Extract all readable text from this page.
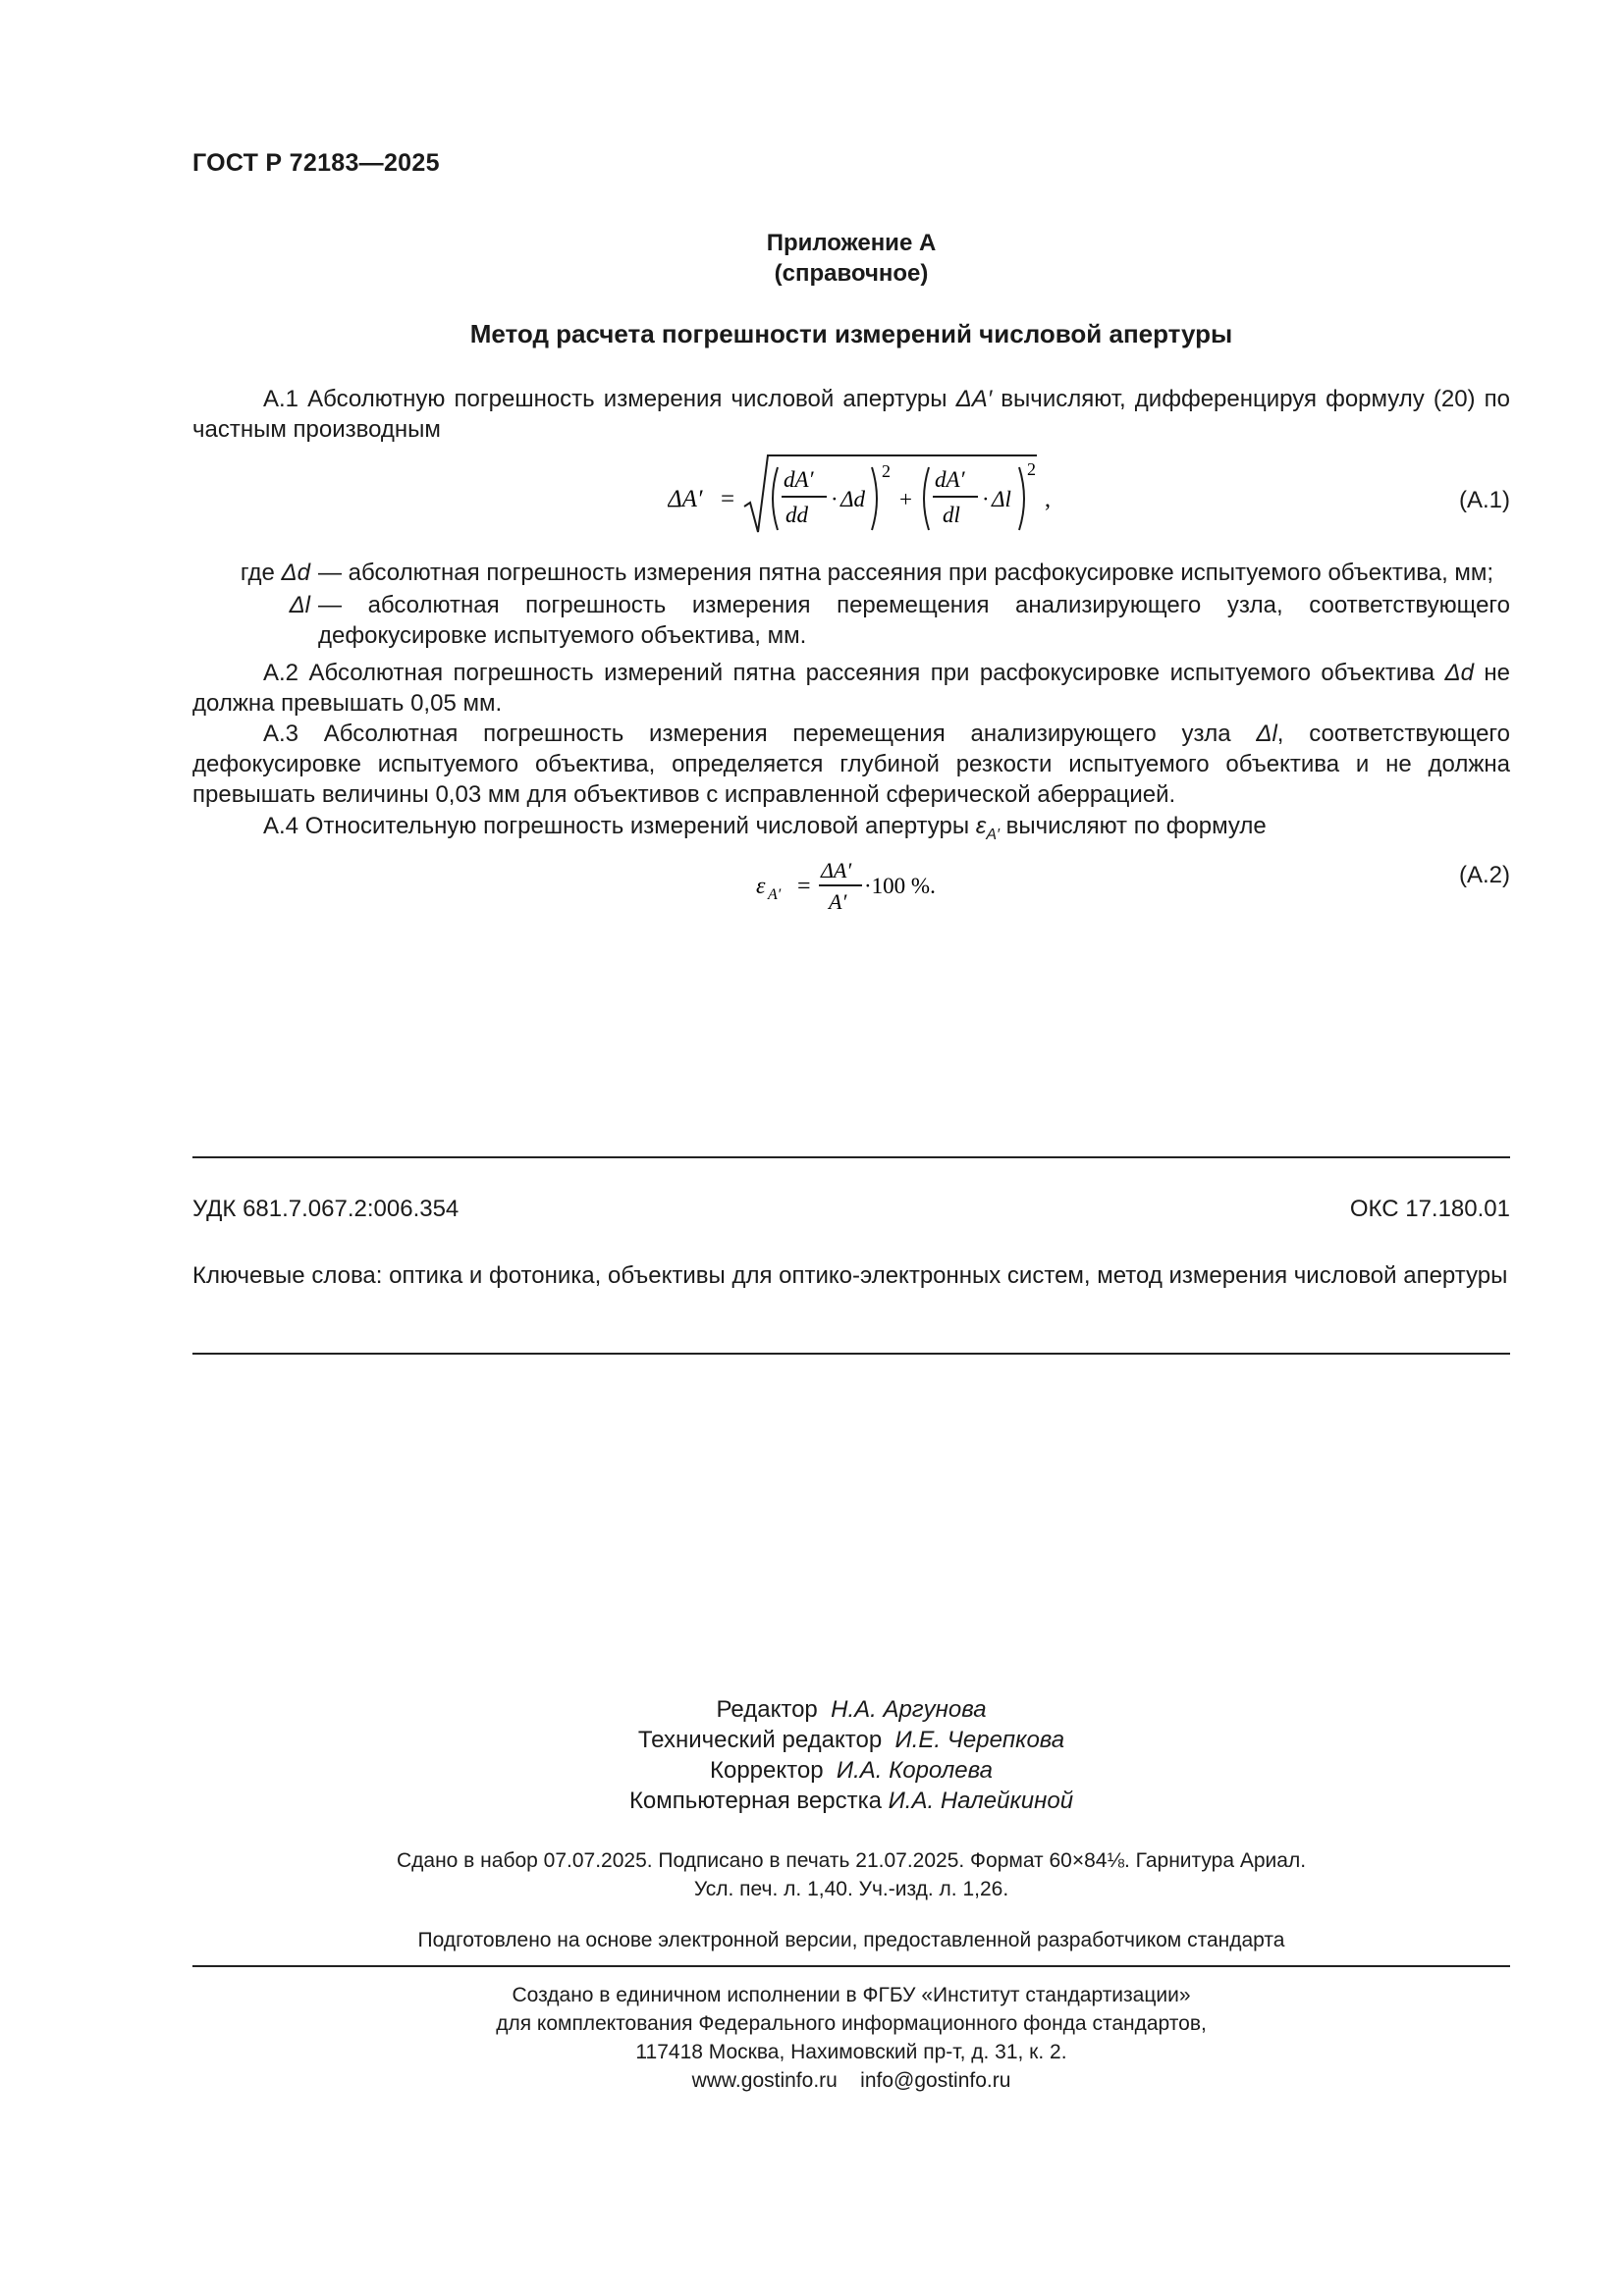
ГОСТ Р 72183—2025
Приложение А
(справочное)
Метод расчета погрешности измерений числовой апертуры
А.1 Абсолютную погрешность измерения числовой апертуры ΔA′ вычисляют, дифференцируя формулу (20) по частным производным
ΔA′ =
dA′
dd
· Δd
2
+
dA′
dl
· Δl
2
,	(A.1)
где Δd — абсолютная погрешность измерения пятна рассеяния при расфокусировке испытуемого объектива, мм;
Δl — абсолютная погрешность измерения перемещения анализирующего узла, соответствующего дефокусировке испытуемого объектива, мм.
А.2 Абсолютная погрешность измерений пятна рассеяния при расфокусировке испытуемого объектива Δd не должна превышать 0,05 мм.
А.3 Абсолютная погрешность измерения перемещения анализирующего узла Δl, соответствующего дефокусировке испытуемого объектива, определяется глубиной резкости испытуемого объектива и не должна превышать величины 0,03 мм для объективов с исправленной сферической аберрацией.
А.4 Относительную погрешность измерений числовой апертуры $\varepsilon_{A'}$ вычисляют по формуле
ε A′ =
ΔA′
A′
·100 %.	(A.2)
УДК 681.7.067.2:006.354	ОКС 17.180.01
Ключевые слова: оптика и фотоника, объективы для оптико-электронных систем, метод измерения числовой апертуры
Редактор Н.А. Аргунова
Технический редактор И.Е. Черепкова
Корректор И.А. Королева
Компьютерная верстка И.А. Налейкиной
Сдано в набор 07.07.2025. Подписано в печать 21.07.2025. Формат 60×84⅛. Гарнитура Ариал.
Усл. печ. л. 1,40. Уч.-изд. л. 1,26.
Подготовлено на основе электронной версии, предоставленной разработчиком стандарта
Создано в единичном исполнении в ФГБУ «Институт стандартизации»
для комплектования Федерального информационного фонда стандартов,
117418 Москва, Нахимовский пр-т, д. 31, к. 2.
www.gostinfo.ru    info@gostinfo.ru
